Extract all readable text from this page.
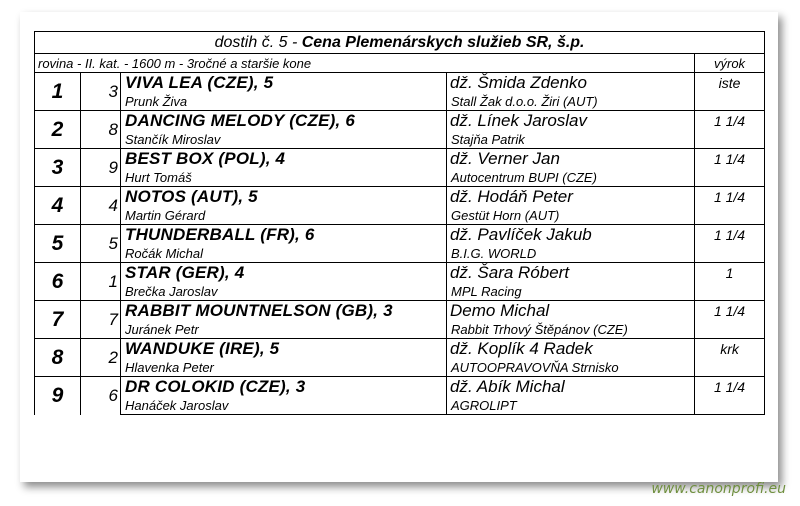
dostih č. 5 - Cena Plemenárskych služieb SR, š.p.				
rovina - II. kat. - 1600 m - 3ročné a staršie kone				výrok
1	3	VIVA LEA (CZE), 5	dž. Šmida Zdenko	iste
		Prunk Živa	Stall Žak d.o.o. Žiri (AUT)	
2	8	DANCING MELODY (CZE), 6	dž. Línek Jaroslav	1 1/4
		Stančík Miroslav	Stajňa Patrik	
3	9	BEST BOX (POL), 4	dž. Verner Jan	1 1/4
		Hurt Tomáš	Autocentrum BUPI (CZE)	
4	4	NOTOS (AUT), 5	dž. Hodáň Peter	1 1/4
		Martin Gérard	Gestüt Horn (AUT)	
5	5	THUNDERBALL (FR), 6	dž. Pavlíček Jakub	1 1/4
		Ročák Michal	B.I.G. WORLD	
6	1	STAR (GER), 4	dž. Šara Róbert	1
		Brečka Jaroslav	MPL Racing	
7	7	RABBIT MOUNTNELSON (GB), 3	Demo Michal	1 1/4
		Juránek Petr	Rabbit Trhový Štěpánov (CZE)	
8	2	WANDUKE (IRE), 5	dž. Koplík 4 Radek	krk
		Hlavenka Peter	AUTOOPRAVOVŇA Strnisko	
9	6	DR COLOKID (CZE), 3	dž. Abík Michal	1 1/4
		Hanáček Jaroslav	AGROLIPT	
www.canonprofi.eu
